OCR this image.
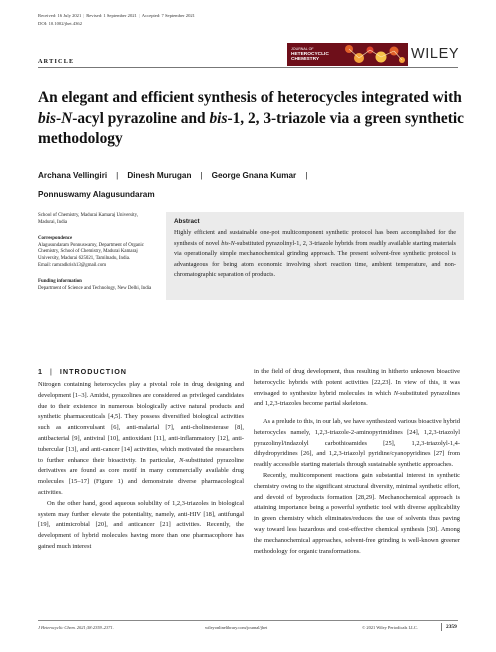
Received: 16 July 2021 | Revised: 1 September 2021 | Accepted: 7 September 2021
DOI: 10.1002/jhet.4362
JOURNAL OF
HETEROCYCLIC
CHEMISTRY	WILEY
ARTICLE
An elegant and efficient synthesis of heterocycles integrated with bis-N-acyl pyrazoline and bis-1, 2, 3-triazole via a green synthetic methodology
Archana Vellingiri | Dinesh Murugan | George Gnana Kumar |
Ponnuswamy Alagusundaram
School of Chemistry, Madurai Kamaraj University, Madurai, India
Correspondence
Alagusundaram Ponnuswamy, Department of Organic Chemistry, School of Chemistry, Madurai Kamaraj University, Madurai 625021, Tamilnadu, India.
Email: ramradkrish13@gmail.com
Funding information
Department of Science and Technology, New Delhi, India
Abstract
Highly efficient and sustainable one-pot multicomponent synthetic protocol has been accomplished for the synthesis of novel bis-N-substituted pyrazolinyl-1, 2, 3-triazole hybrids from readily available starting materials via operationally simple mechanochemical grinding approach. The present solvent-free synthetic protocol is advantageous for being atom economic involving short reaction time, ambient temperature, and non-chromatographic separation of products.
1 | INTRODUCTION

Nitrogen containing heterocycles play a pivotal role in drug designing and development [1–3]. Amidst, pyrazolines are considered as privileged candidates due to their existence in numerous biologically active natural products and synthetic pharmaceuticals [4,5]. They possess diversified biological activities such as anticonvulsant [6], anti-malarial [7], anti-cholinesterase [8], antibacterial [9], antiviral [10], antioxidant [11], anti-inflammatory [12], anti-tubercular [13], and anti-cancer [14] activities, which motivated the researchers to further enhance their bioactivity. In particular, N-substituted pyrazoline derivatives are found as core motif in many commercially available drug molecules [15–17] (Figure 1) and demonstrate diverse pharmacological activities.

On the other hand, good aqueous solubility of 1,2,3-triazoles in biological system may further elevate the potentiality, namely, anti-HIV [18], antifungal [19], antimicrobial [20], and anticancer [21] activities. Recently, the development of hybrid molecules having more than one pharmacophore has gained much interest

in the field of drug development, thus resulting in hitherto unknown bioactive heterocyclic hybrids with potent activities [22,23]. In view of this, it was envisaged to synthesize hybrid molecules in which N-substituted pyrazolines and 1,2,3-triazoles become partial skeletons.

As a prelude to this, in our lab, we have synthesized various bioactive hybrid heterocycles namely, 1,2,3-triazole-2-aminopyrimidines [24], 1,2,3-triazolyl pyrazolinyl/indazolyl carbothioamides [25], 1,2,3-triazolyl-1,4-dihydropyridines [26], and 1,2,3-triazolyl pyridine/cyanopyridines [27] from readily accessible starting materials through sustainable synthetic approaches.

Recently, multicomponent reactions gain substantial interest in synthetic chemistry owing to the significant structural diversity, minimal synthetic effort, and devoid of byproducts formation [28,29]. Mechanochemical approach is attaining importance being a powerful synthetic tool with diverse applicability in green chemistry which eliminates/reduces the use of solvents thus paving way toward less hazardous and cost-effective chemical synthesis [30]. Among the mechanochemical approaches, solvent-free grinding is well-known greener methodology for organic transformations.

J Heterocyclic Chem. 2021;58:2359–2371.	wileyonlinelibrary.com/journal/jhet	© 2021 Wiley Periodicals LLC.	2359
